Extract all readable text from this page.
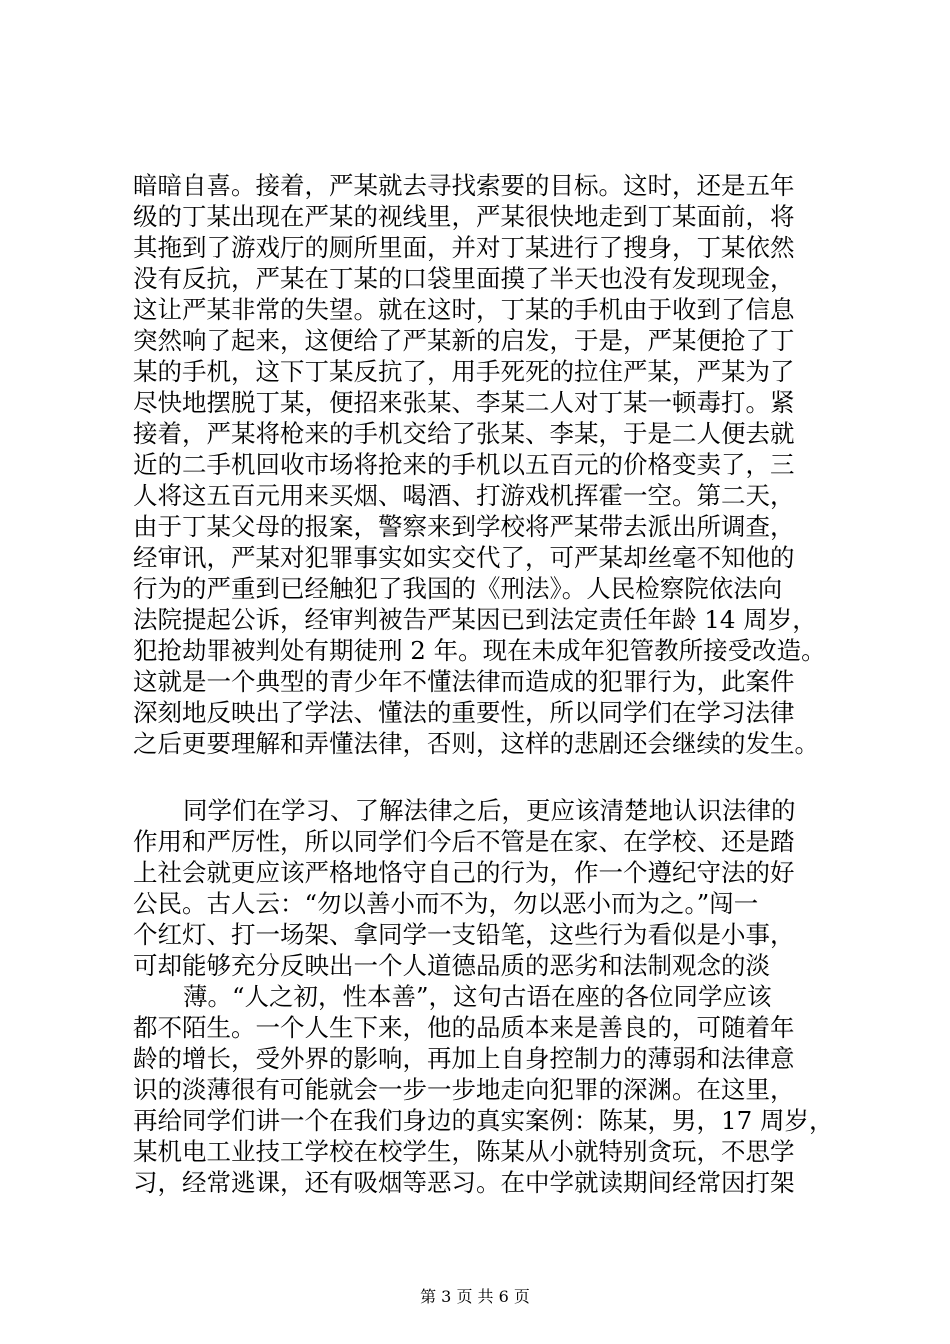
暗暗自喜。接着，严某就去寻找索要的目标。这时，还是五年
级的丁某出现在严某的视线里，严某很快地走到丁某面前，将
其拖到了游戏厅的厕所里面，并对丁某进行了搜身，丁某依然
没有反抗，严某在丁某的口袋里面摸了半天也没有发现现金，
这让严某非常的失望。就在这时，丁某的手机由于收到了信息
突然响了起来，这便给了严某新的启发，于是，严某便抢了丁
某的手机，这下丁某反抗了，用手死死的拉住严某，严某为了
尽快地摆脱丁某，便招来张某、李某二人对丁某一顿毒打。紧
接着，严某将枪来的手机交给了张某、李某，于是二人便去就
近的二手机回收市场将抢来的手机以五百元的价格变卖了，三
人将这五百元用来买烟、喝酒、打游戏机挥霍一空。第二天，
由于丁某父母的报案，警察来到学校将严某带去派出所调查，
经审讯，严某对犯罪事实如实交代了，可严某却丝毫不知他的
行为的严重到已经触犯了我国的《刑法》。人民检察院依法向
法院提起公诉，经审判被告严某因已到法定责任年龄 14 周岁，
犯抢劫罪被判处有期徒刑 2 年。现在未成年犯管教所接受改造。
这就是一个典型的青少年不懂法律而造成的犯罪行为，此案件
深刻地反映出了学法、懂法的重要性，所以同学们在学习法律
之后更要理解和弄懂法律，否则，这样的悲剧还会继续的发生。
同学们在学习、了解法律之后，更应该清楚地认识法律的
作用和严厉性，所以同学们今后不管是在家、在学校、还是踏
上社会就更应该严格地恪守自己的行为，作一个遵纪守法的好
公民。古人云：“勿以善小而不为，勿以恶小而为之。”闯一
个红灯、打一场架、拿同学一支铅笔，这些行为看似是小事，
可却能够充分反映出一个人道德品质的恶劣和法制观念的淡
薄。“人之初，性本善”，这句古语在座的各位同学应该
都不陌生。一个人生下来，他的品质本来是善良的，可随着年
龄的增长，受外界的影响，再加上自身控制力的薄弱和法律意
识的淡薄很有可能就会一步一步地走向犯罪的深渊。在这里，
再给同学们讲一个在我们身边的真实案例：陈某，男，17 周岁，
某机电工业技工学校在校学生，陈某从小就特别贪玩，不思学
习，经常逃课，还有吸烟等恶习。在中学就读期间经常因打架
第 3 页 共 6 页
